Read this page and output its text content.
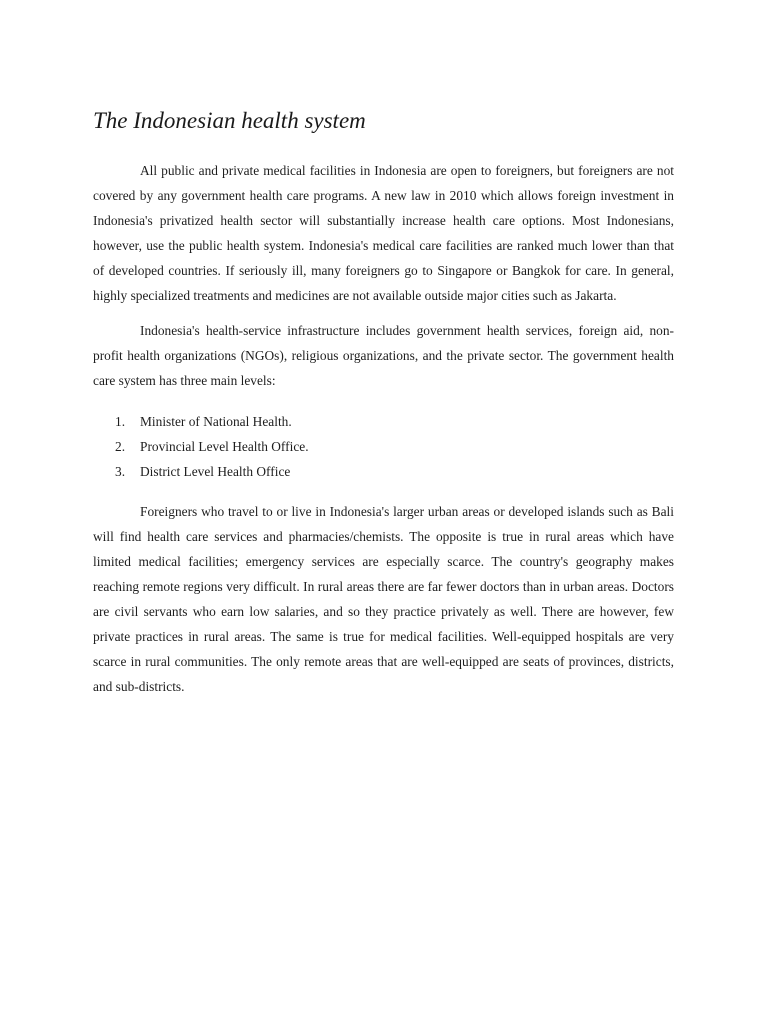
The Indonesian health system

All public and private medical facilities in Indonesia are open to foreigners, but foreigners are not covered by any government health care programs. A new law in 2010 which allows foreign investment in Indonesia's privatized health sector will substantially increase health care options. Most Indonesians, however, use the public health system. Indonesia's medical care facilities are ranked much lower than that of developed countries. If seriously ill, many foreigners go to Singapore or Bangkok for care. In general, highly specialized treatments and medicines are not available outside major cities such as Jakarta.

Indonesia's health-service infrastructure includes government health services, foreign aid, non-profit health organizations (NGOs), religious organizations, and the private sector. The government health care system has three main levels:

1.	Minister of National Health.
2.	Provincial Level Health Office.
3.	District Level Health Office

Foreigners who travel to or live in Indonesia's larger urban areas or developed islands such as Bali will find health care services and pharmacies/chemists. The opposite is true in rural areas which have limited medical facilities; emergency services are especially scarce. The country's geography makes reaching remote regions very difficult. In rural areas there are far fewer doctors than in urban areas. Doctors are civil servants who earn low salaries, and so they practice privately as well. There are however, few private practices in rural areas. The same is true for medical facilities. Well-equipped hospitals are very scarce in rural communities. The only remote areas that are well-equipped are seats of provinces, districts, and sub-districts.
